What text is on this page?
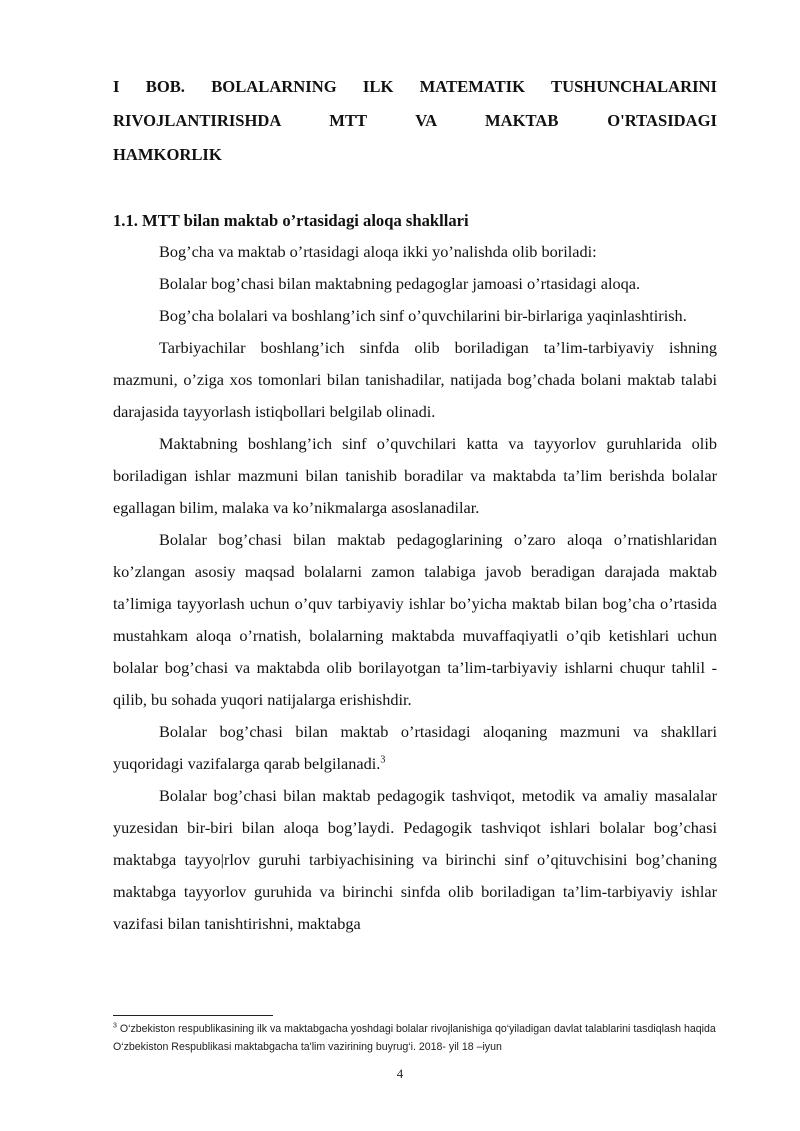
I BOB. BOLALARNING ILK MATEMATIK TUSHUNCHALARINI
RIVOJLANTIRISHDA MTT VA MAKTAB O'RTASIDAGI
HAMKORLIK
1.1. MTT bilan maktab o’rtasidagi aloqa shakllari

Bog’cha va maktab o’rtasidagi aloqa ikki yo’nalishda olib boriladi:

Bolalar bog’chasi bilan maktabning pedagoglar jamoasi o’rtasidagi aloqa.

Bog’cha bolalari va boshlang’ich sinf o’quvchilarini bir-birlariga yaqinlashtirish.

Tarbiyachilar boshlang’ich sinfda olib boriladigan ta’lim-tarbiyaviy ishning mazmuni, o’ziga xos tomonlari bilan tanishadilar, natijada bog’chada bolani maktab talabi darajasida tayyorlash istiqbollari belgilab olinadi.

Maktabning boshlang’ich sinf o’quvchilari katta va tayyorlov guruhlarida olib boriladigan ishlar mazmuni bilan tanishib boradilar va maktabda ta’lim berishda bolalar egallagan bilim, malaka va ko’nikmalarga asoslanadilar.

Bolalar bog’chasi bilan maktab pedagoglarining o’zaro aloqa o’rnatishlaridan ko’zlangan asosiy maqsad bolalarni zamon talabiga javob beradigan darajada maktab ta’limiga tayyorlash uchun o’quv tarbiyaviy ishlar bo’yicha maktab bilan bog’cha o’rtasida mustahkam aloqa o’rnatish, bolalarning maktabda muvaffaqiyatli o’qib ketishlari uchun bolalar bog’chasi va maktabda olib borilayotgan ta’lim-tarbiyaviy ishlarni chuqur tahlil -qilib, bu sohada yuqori natijalarga erishishdir.

Bolalar bog’chasi bilan maktab o’rtasidagi aloqaning mazmuni va shakllari yuqoridagi vazifalarga qarab belgilanadi.$^3$

Bolalar bog’chasi bilan maktab pedagogik tashviqot, metodik va amaliy masalalar yuzesidan bir-biri bilan aloqa bog’laydi. Pedagogik tashviqot ishlari bolalar bog’chasi maktabga tayyo|rlov guruhi tarbiyachisining va birinchi sinf o’qituvchisini bog’chaning maktabga tayyorlov guruhida va birinchi sinfda olib boriladigan ta’lim-tarbiyaviy ishlar vazifasi bilan tanishtirishni, maktabga

$^3$ O‘zbekiston respublikasining ilk va maktabgacha yoshdagi bolalar rivojlanishiga qo‘yiladigan davlat talablarini tasdiqlash haqida O‘zbekiston Respublikasi maktabgacha ta'lim vazirining buyrug‘i. 2018- yil 18 –iyun
4
